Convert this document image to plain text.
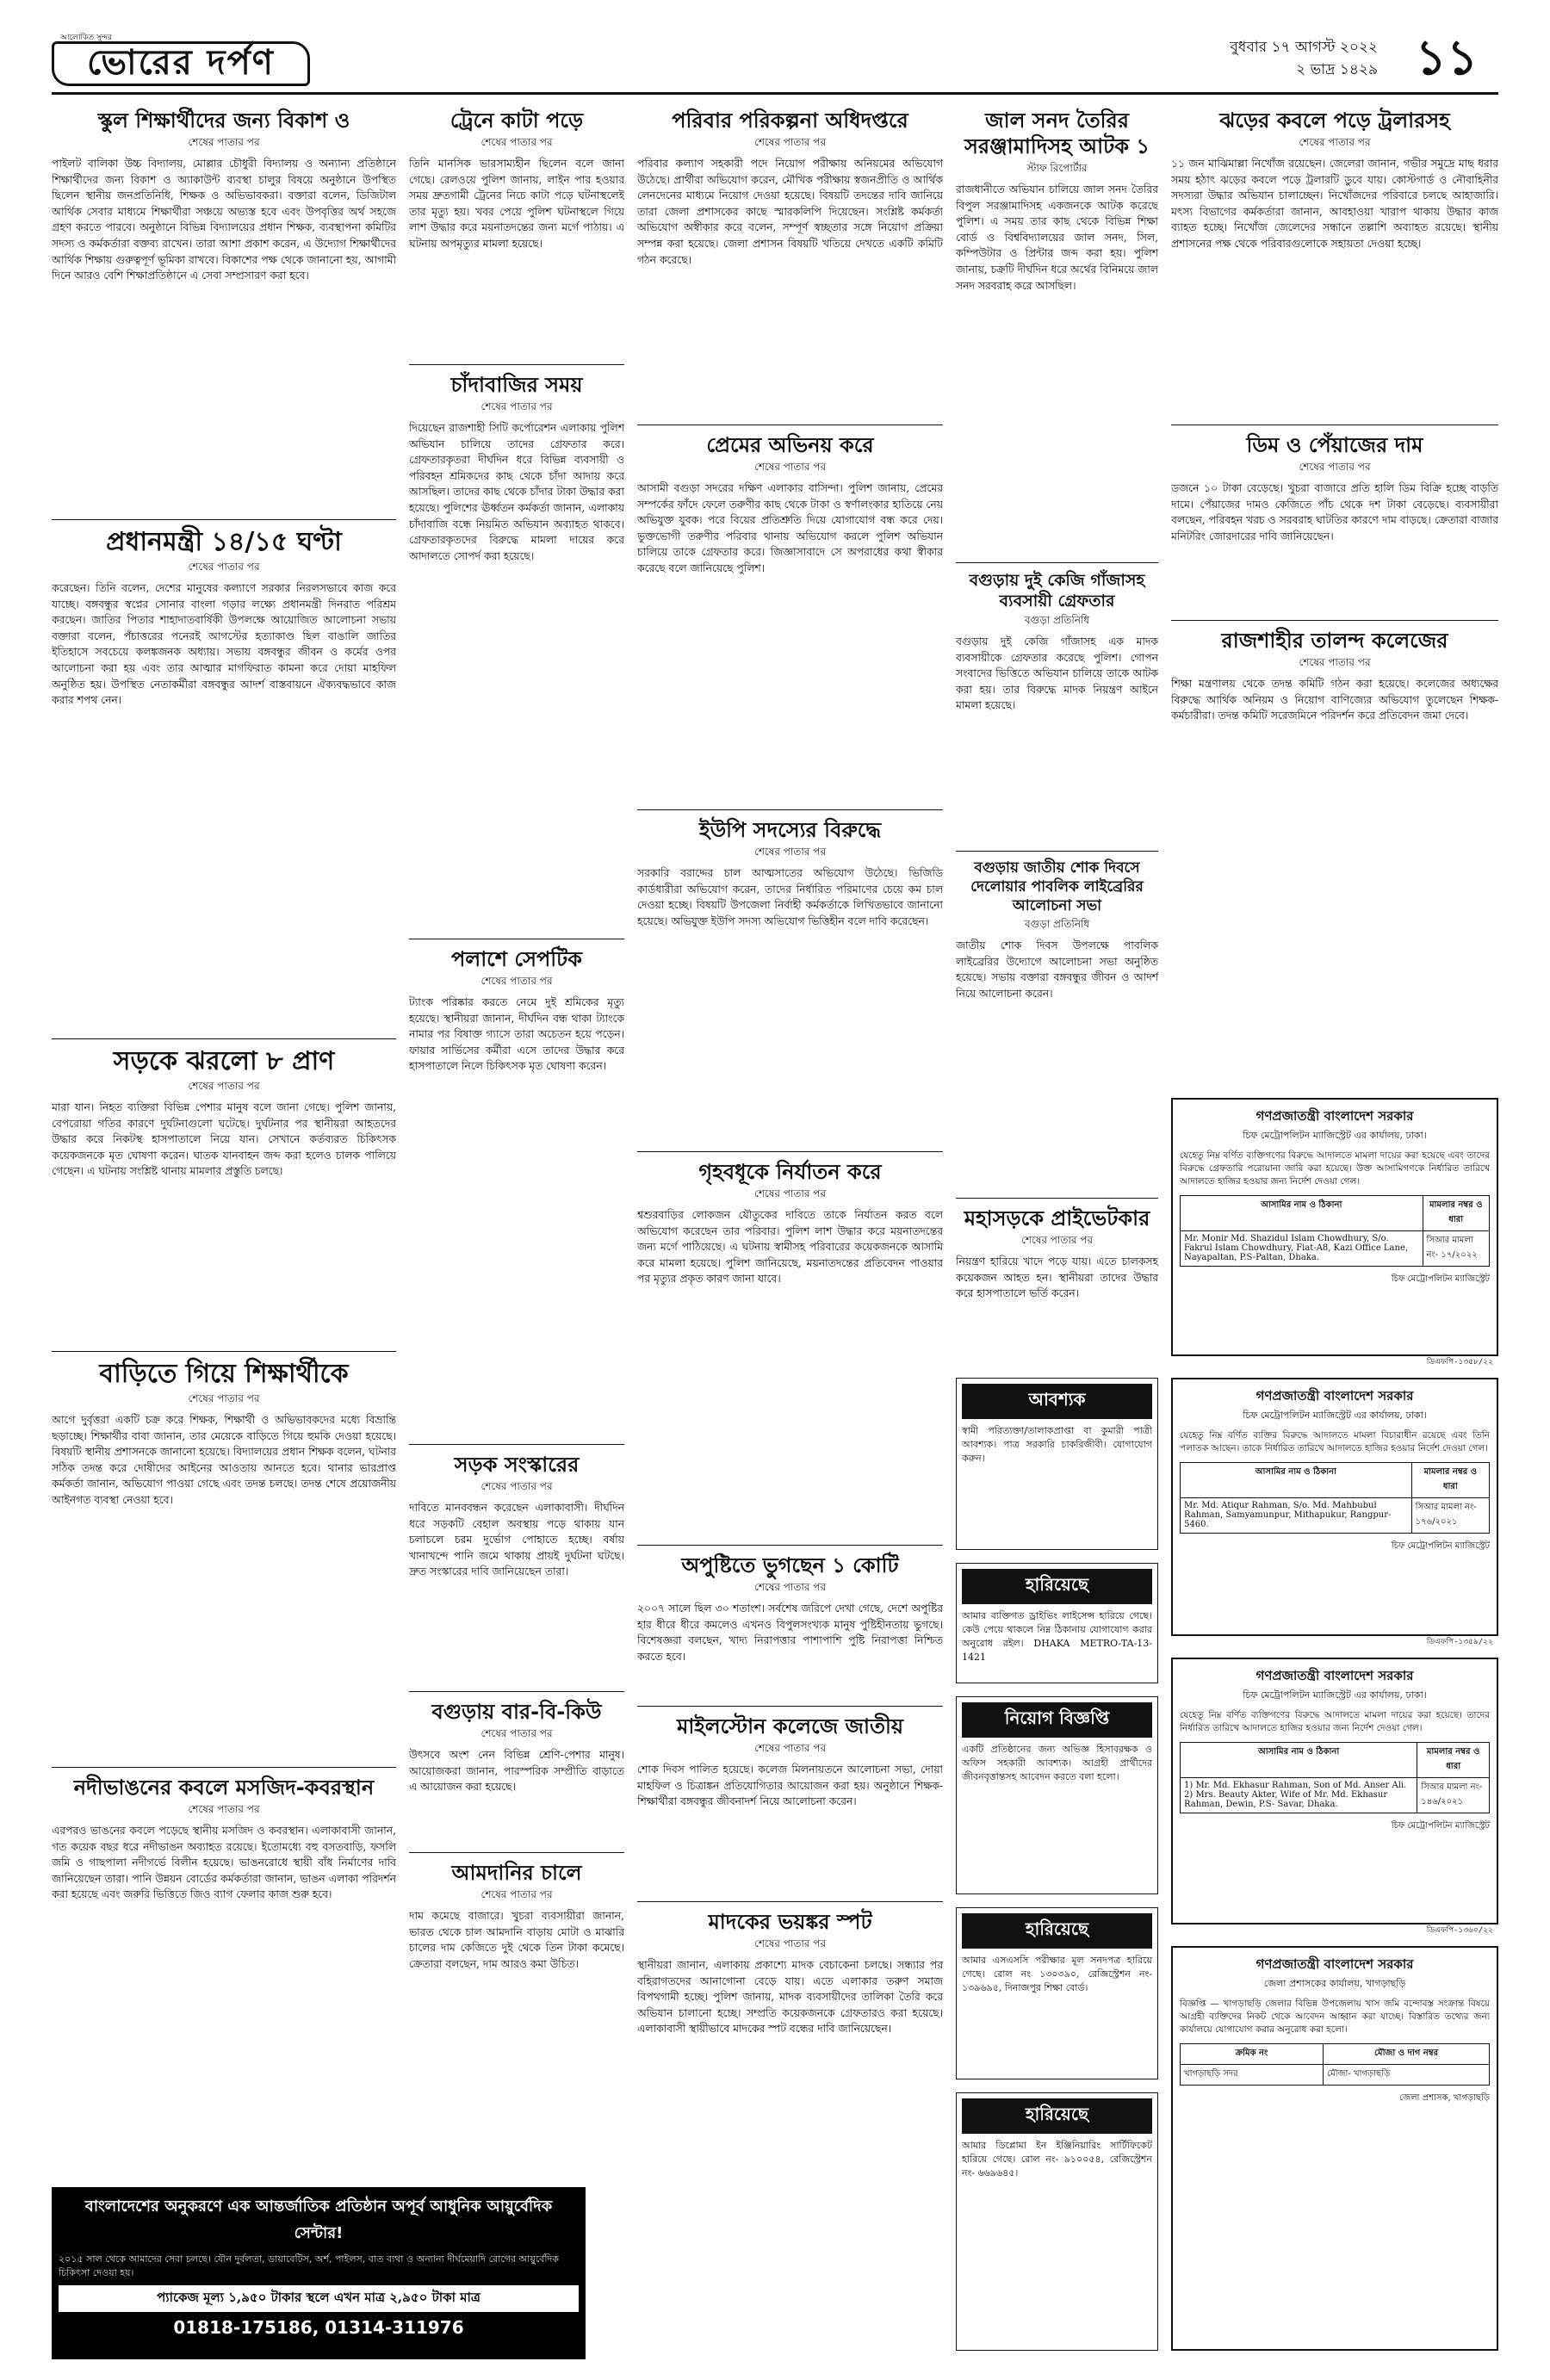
আলোকিত সুন্দর
ভোরের দর্পণ	বুধবার ১৭ আগস্ট ২০২২
২ ভাদ্র ১৪২৯ ১১
স্কুল শিক্ষার্থীদের জন্য বিকাশ ও
শেষের পাতার পর
পাইলট বালিকা উচ্চ বিদ্যালয়, মোল্লার চৌধুরী বিদ্যালয় ও অন্যান্য প্রতিষ্ঠানে শিক্ষার্থীদের জন্য বিকাশ ও অ্যাকাউন্ট ব্যবস্থা চালুর বিষয়ে অনুষ্ঠানে উপস্থিত ছিলেন স্থানীয় জনপ্রতিনিধি, শিক্ষক ও অভিভাবকরা। বক্তারা বলেন, ডিজিটাল আর্থিক সেবার মাধ্যমে শিক্ষার্থীরা সঞ্চয়ে অভ্যস্ত হবে এবং উপবৃত্তির অর্থ সহজে গ্রহণ করতে পারবে। অনুষ্ঠানে বিভিন্ন বিদ্যালয়ের প্রধান শিক্ষক, ব্যবস্থাপনা কমিটির সদস্য ও কর্মকর্তারা বক্তব্য রাখেন। তারা আশা প্রকাশ করেন, এ উদ্যোগ শিক্ষার্থীদের আর্থিক শিক্ষায় গুরুত্বপূর্ণ ভূমিকা রাখবে। বিকাশের পক্ষ থেকে জানানো হয়, আগামী দিনে আরও বেশি শিক্ষাপ্রতিষ্ঠানে এ সেবা সম্প্রসারণ করা হবে।
প্রধানমন্ত্রী ১৪/১৫ ঘণ্টা
শেষের পাতার পর
করেছেন। তিনি বলেন, দেশের মানুষের কল্যাণে সরকার নিরলসভাবে কাজ করে যাচ্ছে। বঙ্গবন্ধুর স্বপ্নের সোনার বাংলা গড়ার লক্ষ্যে প্রধানমন্ত্রী দিনরাত পরিশ্রম করছেন। জাতির পিতার শাহাদাতবার্ষিকী উপলক্ষে আয়োজিত আলোচনা সভায় বক্তারা বলেন, পঁচাত্তরের পনেরই আগস্টের হত্যাকাণ্ড ছিল বাঙালি জাতির ইতিহাসে সবচেয়ে কলঙ্কজনক অধ্যায়। সভায় বঙ্গবন্ধুর জীবন ও কর্মের ওপর আলোচনা করা হয় এবং তার আত্মার মাগফিরাত কামনা করে দোয়া মাহফিল অনুষ্ঠিত হয়। উপস্থিত নেতাকর্মীরা বঙ্গবন্ধুর আদর্শ বাস্তবায়নে ঐক্যবদ্ধভাবে কাজ করার শপথ নেন।
সড়কে ঝরলো ৮ প্রাণ
শেষের পাতার পর
মারা যান। নিহত ব্যক্তিরা বিভিন্ন পেশার মানুষ বলে জানা গেছে। পুলিশ জানায়, বেপরোয়া গতির কারণে দুর্ঘটনাগুলো ঘটেছে। দুর্ঘটনার পর স্থানীয়রা আহতদের উদ্ধার করে নিকটস্থ হাসপাতালে নিয়ে যান। সেখানে কর্তব্যরত চিকিৎসক কয়েকজনকে মৃত ঘোষণা করেন। ঘাতক যানবাহন জব্দ করা হলেও চালক পালিয়ে গেছেন। এ ঘটনায় সংশ্লিষ্ট থানায় মামলার প্রস্তুতি চলছে।
বাড়িতে গিয়ে শিক্ষার্থীকে
শেষের পাতার পর
আগে দুর্বৃত্তরা একটি চক্র করে শিক্ষক, শিক্ষার্থী ও অভিভাবকদের মধ্যে বিভ্রান্তি ছড়াচ্ছে। শিক্ষার্থীর বাবা জানান, তার মেয়েকে বাড়িতে গিয়ে হুমকি দেওয়া হয়েছে। বিষয়টি স্থানীয় প্রশাসনকে জানানো হয়েছে। বিদ্যালয়ের প্রধান শিক্ষক বলেন, ঘটনার সঠিক তদন্ত করে দোষীদের আইনের আওতায় আনতে হবে। থানার ভারপ্রাপ্ত কর্মকর্তা জানান, অভিযোগ পাওয়া গেছে এবং তদন্ত চলছে। তদন্ত শেষে প্রয়োজনীয় আইনগত ব্যবস্থা নেওয়া হবে।
নদীভাঙনের কবলে মসজিদ-কবরস্থান
শেষের পাতার পর
এরপরও ভাঙনের কবলে পড়েছে স্থানীয় মসজিদ ও কবরস্থান। এলাকাবাসী জানান, গত কয়েক বছর ধরে নদীভাঙন অব্যাহত রয়েছে। ইতোমধ্যে বহু বসতবাড়ি, ফসলি জমি ও গাছপালা নদীগর্ভে বিলীন হয়েছে। ভাঙনরোধে স্থায়ী বাঁধ নির্মাণের দাবি জানিয়েছেন তারা। পানি উন্নয়ন বোর্ডের কর্মকর্তারা জানান, ভাঙন এলাকা পরিদর্শন করা হয়েছে এবং জরুরি ভিত্তিতে জিও ব্যাগ ফেলার কাজ শুরু হবে।
ট্রেনে কাটা পড়ে
শেষের পাতার পর
তিনি মানসিক ভারসাম্যহীন ছিলেন বলে জানা গেছে। রেলওয়ে পুলিশ জানায়, লাইন পার হওয়ার সময় দ্রুতগামী ট্রেনের নিচে কাটা পড়ে ঘটনাস্থলেই তার মৃত্যু হয়। খবর পেয়ে পুলিশ ঘটনাস্থলে গিয়ে লাশ উদ্ধার করে ময়নাতদন্তের জন্য মর্গে পাঠায়। এ ঘটনায় অপমৃত্যুর মামলা হয়েছে।
চাঁদাবাজির সময়
শেষের পাতার পর
দিয়েছেন রাজশাহী সিটি কর্পোরেশন এলাকায় পুলিশ অভিযান চালিয়ে তাদের গ্রেফতার করে। গ্রেফতারকৃতরা দীর্ঘদিন ধরে বিভিন্ন ব্যবসায়ী ও পরিবহন শ্রমিকদের কাছ থেকে চাঁদা আদায় করে আসছিল। তাদের কাছ থেকে চাঁদার টাকা উদ্ধার করা হয়েছে। পুলিশের ঊর্ধ্বতন কর্মকর্তা জানান, এলাকায় চাঁদাবাজি বন্ধে নিয়মিত অভিযান অব্যাহত থাকবে। গ্রেফতারকৃতদের বিরুদ্ধে মামলা দায়ের করে আদালতে সোপর্দ করা হয়েছে।
পলাশে সেপটিক
শেষের পাতার পর
ট্যাংক পরিষ্কার করতে নেমে দুই শ্রমিকের মৃত্যু হয়েছে। স্থানীয়রা জানান, দীর্ঘদিন বন্ধ থাকা ট্যাংকে নামার পর বিষাক্ত গ্যাসে তারা অচেতন হয়ে পড়েন। ফায়ার সার্ভিসের কর্মীরা এসে তাদের উদ্ধার করে হাসপাতালে নিলে চিকিৎসক মৃত ঘোষণা করেন।
সড়ক সংস্কারের
শেষের পাতার পর
দাবিতে মানববন্ধন করেছেন এলাকাবাসী। দীর্ঘদিন ধরে সড়কটি বেহাল অবস্থায় পড়ে থাকায় যান চলাচলে চরম দুর্ভোগ পোহাতে হচ্ছে। বর্ষায় খানাখন্দে পানি জমে থাকায় প্রায়ই দুর্ঘটনা ঘটছে। দ্রুত সংস্কারের দাবি জানিয়েছেন তারা।
বগুড়ায় বার-বি-কিউ
শেষের পাতার পর
উৎসবে অংশ নেন বিভিন্ন শ্রেণি-পেশার মানুষ। আয়োজকরা জানান, পারস্পরিক সম্প্রীতি বাড়াতে এ আয়োজন করা হয়েছে।
আমদানির চালে
শেষের পাতার পর
দাম কমেছে বাজারে। খুচরা ব্যবসায়ীরা জানান, ভারত থেকে চাল আমদানি বাড়ায় মোটা ও মাঝারি চালের দাম কেজিতে দুই থেকে তিন টাকা কমেছে। ক্রেতারা বলছেন, দাম আরও কমা উচিত।
পরিবার পরিকল্পনা অধিদপ্তরে
শেষের পাতার পর
পরিবার কল্যাণ সহকারী পদে নিয়োগ পরীক্ষায় অনিয়মের অভিযোগ উঠেছে। প্রার্থীরা অভিযোগ করেন, মৌখিক পরীক্ষায় স্বজনপ্রীতি ও আর্থিক লেনদেনের মাধ্যমে নিয়োগ দেওয়া হয়েছে। বিষয়টি তদন্তের দাবি জানিয়ে তারা জেলা প্রশাসকের কাছে স্মারকলিপি দিয়েছেন। সংশ্লিষ্ট কর্মকর্তা অভিযোগ অস্বীকার করে বলেন, সম্পূর্ণ স্বচ্ছতার সঙ্গে নিয়োগ প্রক্রিয়া সম্পন্ন করা হয়েছে। জেলা প্রশাসন বিষয়টি খতিয়ে দেখতে একটি কমিটি গঠন করেছে।
প্রেমের অভিনয় করে
শেষের পাতার পর
আসামী বগুড়া সদরের দক্ষিণ এলাকার বাসিন্দা। পুলিশ জানায়, প্রেমের সম্পর্কের ফাঁদে ফেলে তরুণীর কাছ থেকে টাকা ও স্বর্ণালংকার হাতিয়ে নেয় অভিযুক্ত যুবক। পরে বিয়ের প্রতিশ্রুতি দিয়ে যোগাযোগ বন্ধ করে দেয়। ভুক্তভোগী তরুণীর পরিবার থানায় অভিযোগ করলে পুলিশ অভিযান চালিয়ে তাকে গ্রেফতার করে। জিজ্ঞাসাবাদে সে অপরাধের কথা স্বীকার করেছে বলে জানিয়েছে পুলিশ।
ইউপি সদস্যের বিরুদ্ধে
শেষের পাতার পর
সরকারি বরাদ্দের চাল আত্মসাতের অভিযোগ উঠেছে। ভিজিডি কার্ডধারীরা অভিযোগ করেন, তাদের নির্ধারিত পরিমাণের চেয়ে কম চাল দেওয়া হচ্ছে। বিষয়টি উপজেলা নির্বাহী কর্মকর্তাকে লিখিতভাবে জানানো হয়েছে। অভিযুক্ত ইউপি সদস্য অভিযোগ ভিত্তিহীন বলে দাবি করেছেন।
গৃহবধূকে নির্যাতন করে
শেষের পাতার পর
শ্বশুরবাড়ির লোকজন যৌতুকের দাবিতে তাকে নির্যাতন করত বলে অভিযোগ করেছেন তার পরিবার। পুলিশ লাশ উদ্ধার করে ময়নাতদন্তের জন্য মর্গে পাঠিয়েছে। এ ঘটনায় স্বামীসহ পরিবারের কয়েকজনকে আসামি করে মামলা হয়েছে। পুলিশ জানিয়েছে, ময়নাতদন্তের প্রতিবেদন পাওয়ার পর মৃত্যুর প্রকৃত কারণ জানা যাবে।
অপুষ্টিতে ভুগছেন ১ কোটি
শেষের পাতার পর
২০০৭ সালে ছিল ৩০ শতাংশ। সর্বশেষ জরিপে দেখা গেছে, দেশে অপুষ্টির হার ধীরে ধীরে কমলেও এখনও বিপুলসংখ্যক মানুষ পুষ্টিহীনতায় ভুগছে। বিশেষজ্ঞরা বলছেন, খাদ্য নিরাপত্তার পাশাপাশি পুষ্টি নিরাপত্তা নিশ্চিত করতে হবে।
মাইলস্টোন কলেজে জাতীয়
শেষের পাতার পর
শোক দিবস পালিত হয়েছে। কলেজ মিলনায়তনে আলোচনা সভা, দোয়া মাহফিল ও চিত্রাঙ্কন প্রতিযোগিতার আয়োজন করা হয়। অনুষ্ঠানে শিক্ষক-শিক্ষার্থীরা বঙ্গবন্ধুর জীবনাদর্শ নিয়ে আলোচনা করেন।
মাদকের ভয়ঙ্কর স্পট
শেষের পাতার পর
স্থানীয়রা জানান, এলাকায় প্রকাশ্যে মাদক বেচাকেনা চলছে। সন্ধ্যার পর বহিরাগতদের আনাগোনা বেড়ে যায়। এতে এলাকার তরুণ সমাজ বিপথগামী হচ্ছে। পুলিশ জানায়, মাদক ব্যবসায়ীদের তালিকা তৈরি করে অভিযান চালানো হচ্ছে। সম্প্রতি কয়েকজনকে গ্রেফতারও করা হয়েছে। এলাকাবাসী স্থায়ীভাবে মাদকের স্পট বন্ধের দাবি জানিয়েছেন।
জাল সনদ তৈরির সরঞ্জামাদিসহ আটক ১
স্টাফ রিপোর্টার
রাজধানীতে অভিযান চালিয়ে জাল সনদ তৈরির বিপুল সরঞ্জামাদিসহ একজনকে আটক করেছে পুলিশ। এ সময় তার কাছ থেকে বিভিন্ন শিক্ষা বোর্ড ও বিশ্ববিদ্যালয়ের জাল সনদ, সিল, কম্পিউটার ও প্রিন্টার জব্দ করা হয়। পুলিশ জানায়, চক্রটি দীর্ঘদিন ধরে অর্থের বিনিময়ে জাল সনদ সরবরাহ করে আসছিল।
বগুড়ায় দুই কেজি গাঁজাসহ ব্যবসায়ী গ্রেফতার
বগুড়া প্রতিনিধি
বগুড়ায় দুই কেজি গাঁজাসহ এক মাদক ব্যবসায়ীকে গ্রেফতার করেছে পুলিশ। গোপন সংবাদের ভিত্তিতে অভিযান চালিয়ে তাকে আটক করা হয়। তার বিরুদ্ধে মাদক নিয়ন্ত্রণ আইনে মামলা হয়েছে।
বগুড়ায় জাতীয় শোক দিবসে দেলোয়ার পাবলিক লাইব্রেরির আলোচনা সভা
বগুড়া প্রতিনিধি
জাতীয় শোক দিবস উপলক্ষে পাবলিক লাইব্রেরির উদ্যোগে আলোচনা সভা অনুষ্ঠিত হয়েছে। সভায় বক্তারা বঙ্গবন্ধুর জীবন ও আদর্শ নিয়ে আলোচনা করেন।
মহাসড়কে প্রাইভেটকার
শেষের পাতার পর
নিয়ন্ত্রণ হারিয়ে খাদে পড়ে যায়। এতে চালকসহ কয়েকজন আহত হন। স্থানীয়রা তাদের উদ্ধার করে হাসপাতালে ভর্তি করেন।
ঝড়ের কবলে পড়ে ট্রলারসহ
শেষের পাতার পর
১১ জন মাঝিমাল্লা নিখোঁজ রয়েছেন। জেলেরা জানান, গভীর সমুদ্রে মাছ ধরার সময় হঠাৎ ঝড়ের কবলে পড়ে ট্রলারটি ডুবে যায়। কোস্টগার্ড ও নৌবাহিনীর সদস্যরা উদ্ধার অভিযান চালাচ্ছেন। নিখোঁজদের পরিবারে চলছে আহাজারি। মৎস্য বিভাগের কর্মকর্তারা জানান, আবহাওয়া খারাপ থাকায় উদ্ধার কাজ ব্যাহত হচ্ছে। নিখোঁজ জেলেদের সন্ধানে তল্লাশি অব্যাহত রয়েছে। স্থানীয় প্রশাসনের পক্ষ থেকে পরিবারগুলোকে সহায়তা দেওয়া হচ্ছে।
ডিম ও পেঁয়াজের দাম
শেষের পাতার পর
ডজনে ১০ টাকা বেড়েছে। খুচরা বাজারে প্রতি হালি ডিম বিক্রি হচ্ছে বাড়তি দামে। পেঁয়াজের দামও কেজিতে পাঁচ থেকে দশ টাকা বেড়েছে। ব্যবসায়ীরা বলছেন, পরিবহন খরচ ও সরবরাহ ঘাটতির কারণে দাম বাড়ছে। ক্রেতারা বাজার মনিটরিং জোরদারের দাবি জানিয়েছেন।
রাজশাহীর তালন্দ কলেজের
শেষের পাতার পর
শিক্ষা মন্ত্রণালয় থেকে তদন্ত কমিটি গঠন করা হয়েছে। কলেজের অধ্যক্ষের বিরুদ্ধে আর্থিক অনিয়ম ও নিয়োগ বাণিজ্যের অভিযোগ তুলেছেন শিক্ষক-কর্মচারীরা। তদন্ত কমিটি সরেজমিনে পরিদর্শন করে প্রতিবেদন জমা দেবে।
গণপ্রজাতন্ত্রী বাংলাদেশ সরকার
চিফ মেট্রোপলিটন ম্যাজিস্ট্রেট এর কার্যালয়, ঢাকা।
যেহেতু নিম্ন বর্ণিত ব্যক্তিগণের বিরুদ্ধে আদালতে মামলা দায়ের করা হয়েছে এবং তাদের বিরুদ্ধে গ্রেফতারি পরোয়ানা জারি করা হয়েছে। উক্ত আসামিগণকে নির্ধারিত তারিখে আদালতে হাজির হওয়ার জন্য নির্দেশ দেওয়া গেল।
আসামির নাম ও ঠিকানা	মামলার নম্বর ও ধারা
Mr. Monir Md. Shazidul Islam Chowdhury, S/o. Fakrul Islam Chowdhury, Fiat-A8, Kazi Office Lane, Nayapaltan, P.S-Paltan, Dhaka.	সিআর মামলা নং- ১৭/২০২২
চিফ মেট্রোপলিটন ম্যাজিস্ট্রেট
ডিএফপি-১৩৫৮/২২
গণপ্রজাতন্ত্রী বাংলাদেশ সরকার
চিফ মেট্রোপলিটন ম্যাজিস্ট্রেট এর কার্যালয়, ঢাকা।
যেহেতু নিম্ন বর্ণিত ব্যক্তির বিরুদ্ধে আদালতে মামলা বিচারাধীন রয়েছে এবং তিনি পলাতক আছেন। তাকে নির্ধারিত তারিখে আদালতে হাজির হওয়ার নির্দেশ দেওয়া গেল।
আসামির নাম ও ঠিকানা	মামলার নম্বর ও ধারা
Mr. Md. Atiqur Rahman, S/o. Md. Mahbubul Rahman, Samyamunpur, Mithapukur, Rangpur-5460.	সিআর মামলা নং- ১৭৬/২০২১
চিফ মেট্রোপলিটন ম্যাজিস্ট্রেট
ডিএফপি-১৩৫৯/২২
গণপ্রজাতন্ত্রী বাংলাদেশ সরকার
চিফ মেট্রোপলিটন ম্যাজিস্ট্রেট এর কার্যালয়, ঢাকা।
যেহেতু নিম্ন বর্ণিত ব্যক্তিগণের বিরুদ্ধে আদালতে মামলা দায়ের করা হয়েছে। তাদের নির্ধারিত তারিখে আদালতে হাজির হওয়ার জন্য নির্দেশ দেওয়া গেল।
আসামির নাম ও ঠিকানা	মামলার নম্বর ও ধারা
1) Mr. Md. Ekhasur Rahman, Son of Md. Anser Ali. 2) Mrs. Beauty Akter, Wife of Mr. Md. Ekhasur Rahman, Dewin, P.S- Savar, Dhaka.	সিআর মামলা নং- ১৪৬/২০২১
চিফ মেট্রোপলিটন ম্যাজিস্ট্রেট
ডিএফপি-১৩৬০/২২
গণপ্রজাতন্ত্রী বাংলাদেশ সরকার
জেলা প্রশাসকের কার্যালয়, খাগড়াছড়ি
বিজ্ঞপ্তি — খাগড়াছড়ি জেলার বিভিন্ন উপজেলায় খাস জমি বন্দোবস্ত সংক্রান্ত বিষয়ে আগ্রহী ব্যক্তিদের নিকট থেকে আবেদন আহ্বান করা যাচ্ছে। বিস্তারিত তথ্যের জন্য কার্যালয়ে যোগাযোগ করার অনুরোধ করা হলো।
ক্রমিক নং	মৌজা ও দাগ নম্বর
খাগড়াছড়ি সদর	মৌজা- খাগড়াছড়ি
জেলা প্রশাসক, খাগড়াছড়ি
আবশ্যক
স্বামী পরিত্যক্তা/তালাকপ্রাপ্তা বা কুমারী পাত্রী আবশ্যক। পাত্র সরকারি চাকরিজীবী। যোগাযোগ করুন।
হারিয়েছে
আমার ব্যক্তিগত ড্রাইভিং লাইসেন্স হারিয়ে গেছে। কেউ পেয়ে থাকলে নিম্ন ঠিকানায় যোগাযোগ করার অনুরোধ রইল। DHAKA METRO-TA-13-1421
নিয়োগ বিজ্ঞপ্তি
একটি প্রতিষ্ঠানের জন্য অভিজ্ঞ হিসাবরক্ষক ও অফিস সহকারী আবশ্যক। আগ্রহী প্রার্থীদের জীবনবৃত্তান্তসহ আবেদন করতে বলা হলো।
হারিয়েছে
আমার এসএসসি পরীক্ষার মূল সনদপত্র হারিয়ে গেছে। রোল নং ১৩০৩৯০, রেজিস্ট্রেশন নং- ১৩৯৬৯৫, দিনাজপুর শিক্ষা বোর্ড।
হারিয়েছে
আমার ডিপ্লোমা ইন ইঞ্জিনিয়ারিং সার্টিফিকেট হারিয়ে গেছে। রোল নং- ৯১০০৫৪, রেজিস্ট্রেশন নং- ৬৬৯৬৪৫।
বাংলাদেশের অনুকরণে এক আন্তর্জাতিক প্রতিষ্ঠান অপূর্ব আধুনিক আয়ুর্বেদিক সেন্টার!
২০১৫ সাল থেকে আমাদের সেবা চলছে। যৌন দুর্বলতা, ডায়াবেটিস, অর্শ, পাইলস, বাত ব্যথা ও অন্যান্য দীর্ঘমেয়াদি রোগের আয়ুর্বেদিক চিকিৎসা দেওয়া হয়।
প্যাকেজ মূল্য ১,৯৫০ টাকার স্থলে এখন মাত্র ২,৯৫০ টাকা মাত্র
01818-175186, 01314-311976
